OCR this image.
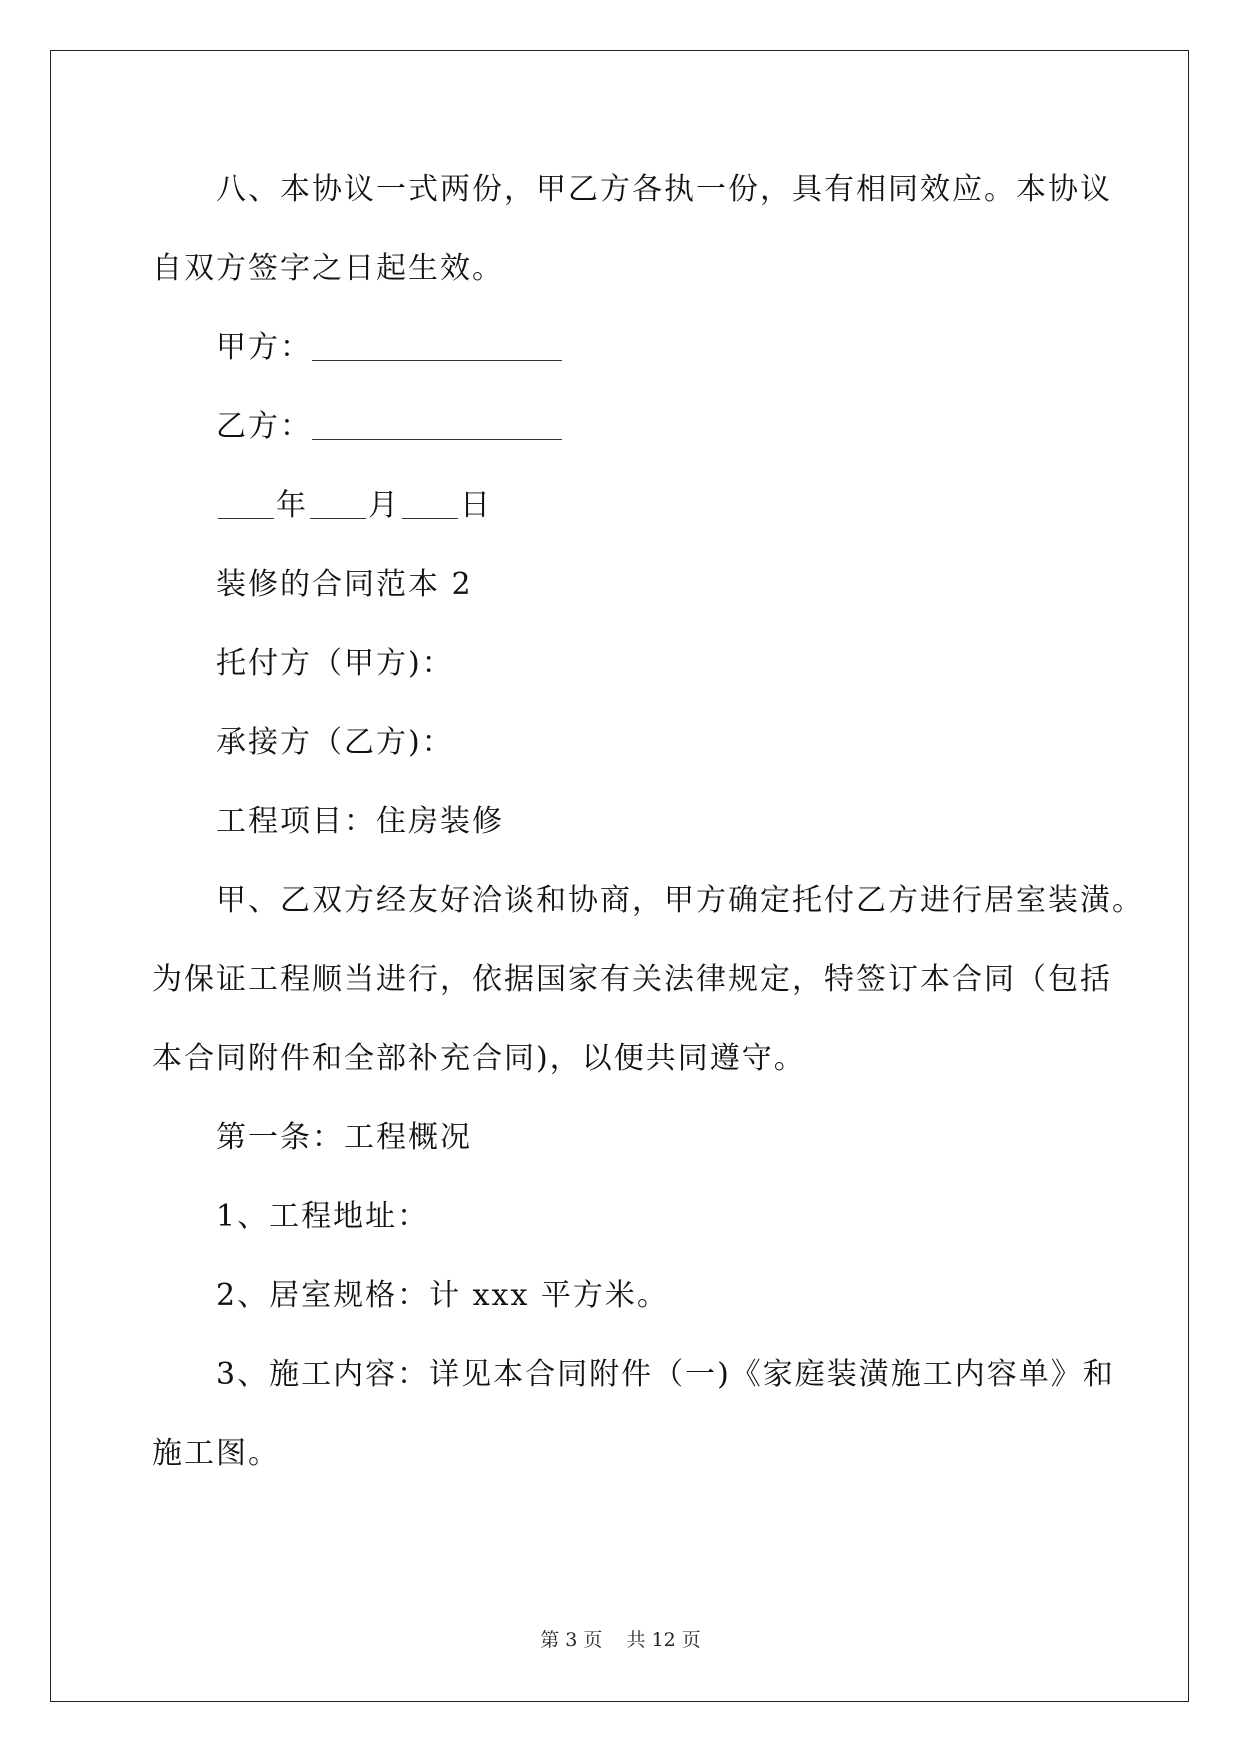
八、本协议一式两份，甲乙方各执一份，具有相同效应。本协议
自双方签字之日起生效。

甲方：

乙方：

年 月 日

装修的合同范本 2

托付方（甲方)：

承接方（乙方)：

工程项目：住房装修

甲、乙双方经友好洽谈和协商，甲方确定托付乙方进行居室装潢。
为保证工程顺当进行，依据国家有关法律规定，特签订本合同（包括
本合同附件和全部补充合同)，以便共同遵守。

第一条：工程概况

1、工程地址：

2、居室规格：计 xxx 平方米。

3、施工内容：详见本合同附件（一)《家庭装潢施工内容单》和
施工图。

第 3 页    共 12 页
